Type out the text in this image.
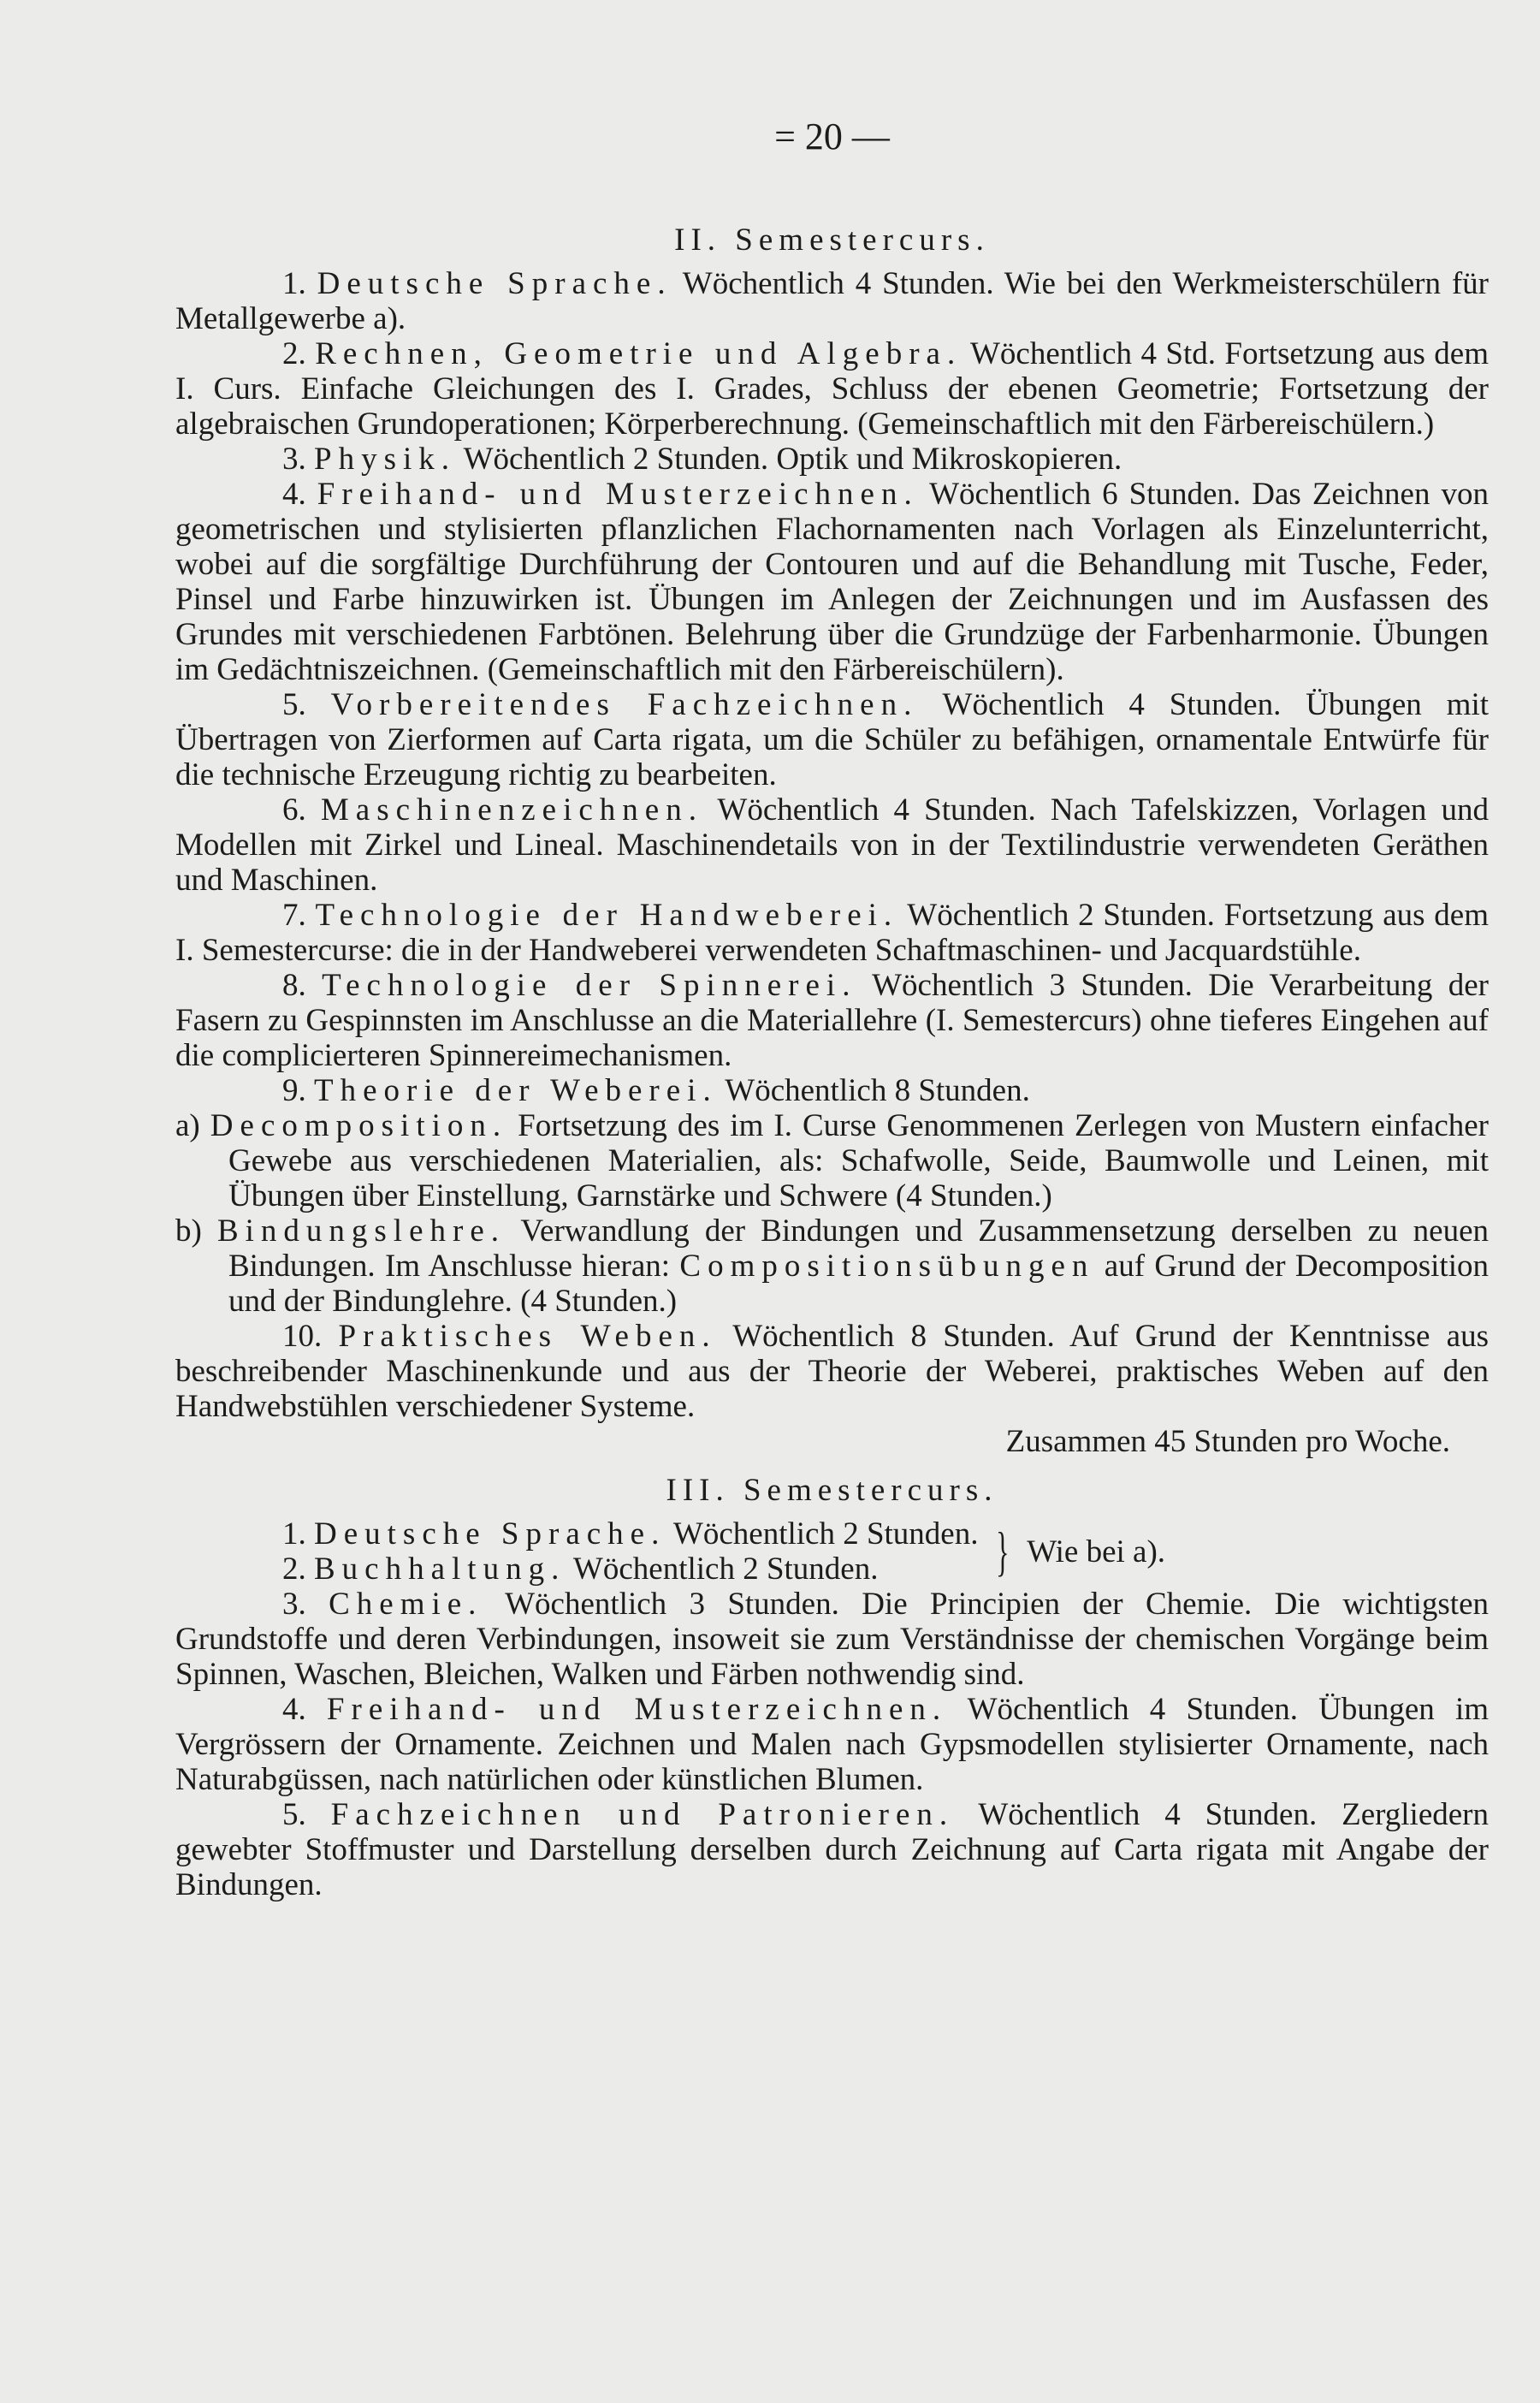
= 20 —
II. Semestercurs.

1. Deutsche Sprache. Wöchentlich 4 Stunden. Wie bei den Werkmeisterschülern für Metallgewerbe a).

2. Rechnen, Geometrie und Algebra. Wöchentlich 4 Std. Fortsetzung aus dem I. Curs. Einfache Gleichungen des I. Grades, Schluss der ebenen Geometrie; Fortsetzung der algebraischen Grundoperationen; Körperberechnung. (Gemeinschaftlich mit den Färbereischülern.)

3. Physik. Wöchentlich 2 Stunden. Optik und Mikroskopieren.

4. Freihand- und Musterzeichnen. Wöchentlich 6 Stunden. Das Zeichnen von geometrischen und stylisierten pflanzlichen Flachornamenten nach Vorlagen als Einzelunterricht, wobei auf die sorgfältige Durchführung der Contouren und auf die Behandlung mit Tusche, Feder, Pinsel und Farbe hinzuwirken ist. Übungen im Anlegen der Zeichnungen und im Ausfassen des Grundes mit verschiedenen Farbtönen. Belehrung über die Grundzüge der Farbenharmonie. Übungen im Gedächtniszeichnen. (Gemeinschaftlich mit den Färbereischülern).

5. Vorbereitendes Fachzeichnen. Wöchentlich 4 Stunden. Übungen mit Übertragen von Zierformen auf Carta rigata, um die Schüler zu befähigen, ornamentale Entwürfe für die technische Erzeugung richtig zu bearbeiten.

6. Maschinenzeichnen. Wöchentlich 4 Stunden. Nach Tafelskizzen, Vorlagen und Modellen mit Zirkel und Lineal. Maschinendetails von in der Textilindustrie verwendeten Geräthen und Maschinen.

7. Technologie der Handweberei. Wöchentlich 2 Stunden. Fortsetzung aus dem I. Semestercurse: die in der Handweberei verwendeten Schaftmaschinen- und Jacquardstühle.

8. Technologie der Spinnerei. Wöchentlich 3 Stunden. Die Verarbeitung der Fasern zu Gespinnsten im Anschlusse an die Materiallehre (I. Semestercurs) ohne tieferes Eingehen auf die complicierteren Spinnereimechanismen.

9. Theorie der Weberei. Wöchentlich 8 Stunden.

a) Decomposition. Fortsetzung des im I. Curse Genommenen Zerlegen von Mustern einfacher Gewebe aus verschiedenen Materialien, als: Schafwolle, Seide, Baumwolle und Leinen, mit Übungen über Einstellung, Garnstärke und Schwere (4 Stunden.)

b) Bindungslehre. Verwandlung der Bindungen und Zusammensetzung derselben zu neuen Bindungen. Im Anschlusse hieran: Compositionsübungen auf Grund der Decomposition und der Bindunglehre. (4 Stunden.)

10. Praktisches Weben. Wöchentlich 8 Stunden. Auf Grund der Kenntnisse aus beschreibender Maschinenkunde und aus der Theorie der Weberei, praktisches Weben auf den Handwebstühlen verschiedener Systeme.

Zusammen 45 Stunden pro Woche.

III. Semestercurs.

1. Deutsche Sprache. Wöchentlich 2 Stunden.

2. Buchhaltung. Wöchentlich 2 Stunden.	} Wie bei a).

3. Chemie. Wöchentlich 3 Stunden. Die Principien der Chemie. Die wichtigsten Grundstoffe und deren Verbindungen, insoweit sie zum Verständnisse der chemischen Vorgänge beim Spinnen, Waschen, Bleichen, Walken und Färben nothwendig sind.

4. Freihand- und Musterzeichnen. Wöchentlich 4 Stunden. Übungen im Vergrössern der Ornamente. Zeichnen und Malen nach Gypsmodellen stylisierter Ornamente, nach Naturabgüssen, nach natürlichen oder künstlichen Blumen.

5. Fachzeichnen und Patronieren. Wöchentlich 4 Stunden. Zergliedern gewebter Stoffmuster und Darstellung derselben durch Zeichnung auf Carta rigata mit Angabe der Bindungen.
